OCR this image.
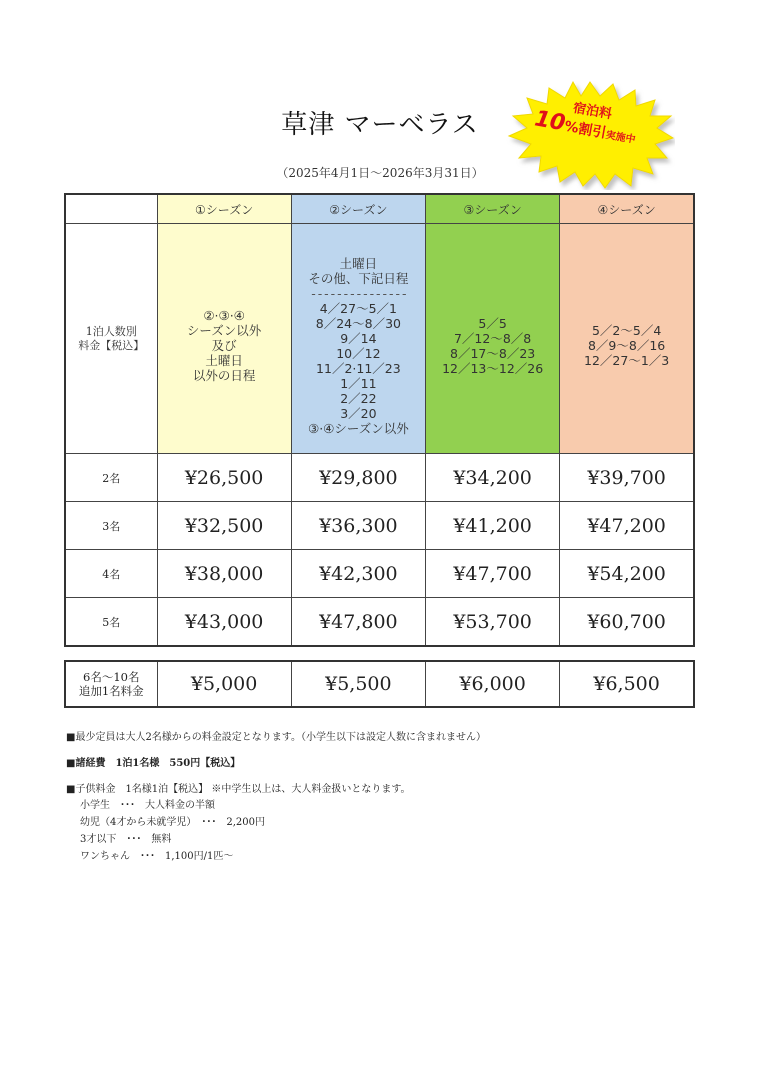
草津 マーベラス
（2025年4月1日～2026年3月31日）
宿泊料
10%割引実施中
	①シーズン	②シーズン	③シーズン	④シーズン

1泊人数別
料金【税込】

②·③·④
シーズン以外
及び
土曜日
以外の日程

土曜日
その他、下記日程
- - - - - - - - - - - - - - -
4／27～5／1
8／24～8／30
9／14
10／12
11／2·11／23
1／11
2／22
3／20
③·④シーズン以外

5／5
7／12～8／8
8／17～8／23
12／13～12／26

5／2～5／4
8／9～8／16
12／27～1／3

2名	¥26,500	¥29,800	¥34,200	¥39,700
3名	¥32,500	¥36,300	¥41,200	¥47,200
4名	¥38,000	¥42,300	¥47,700	¥54,200
5名	¥43,000	¥47,800	¥53,700	¥60,700
6名～10名
追加1名料金	¥5,000	¥5,500	¥6,000	¥6,500
■最少定員は大人2名様からの料金設定となります。（小学生以下は設定人数に含まれません）
■諸経費　1泊1名様　550円【税込】
■子供料金　1名様1泊【税込】 ※中学生以上は、大人料金扱いとなります。
小学生　･･･　大人料金の半額
幼児（4才から未就学児）　･･･　2,200円
3才以下　･･･　無料
ワンちゃん　･･･　1,100円/1匹～
